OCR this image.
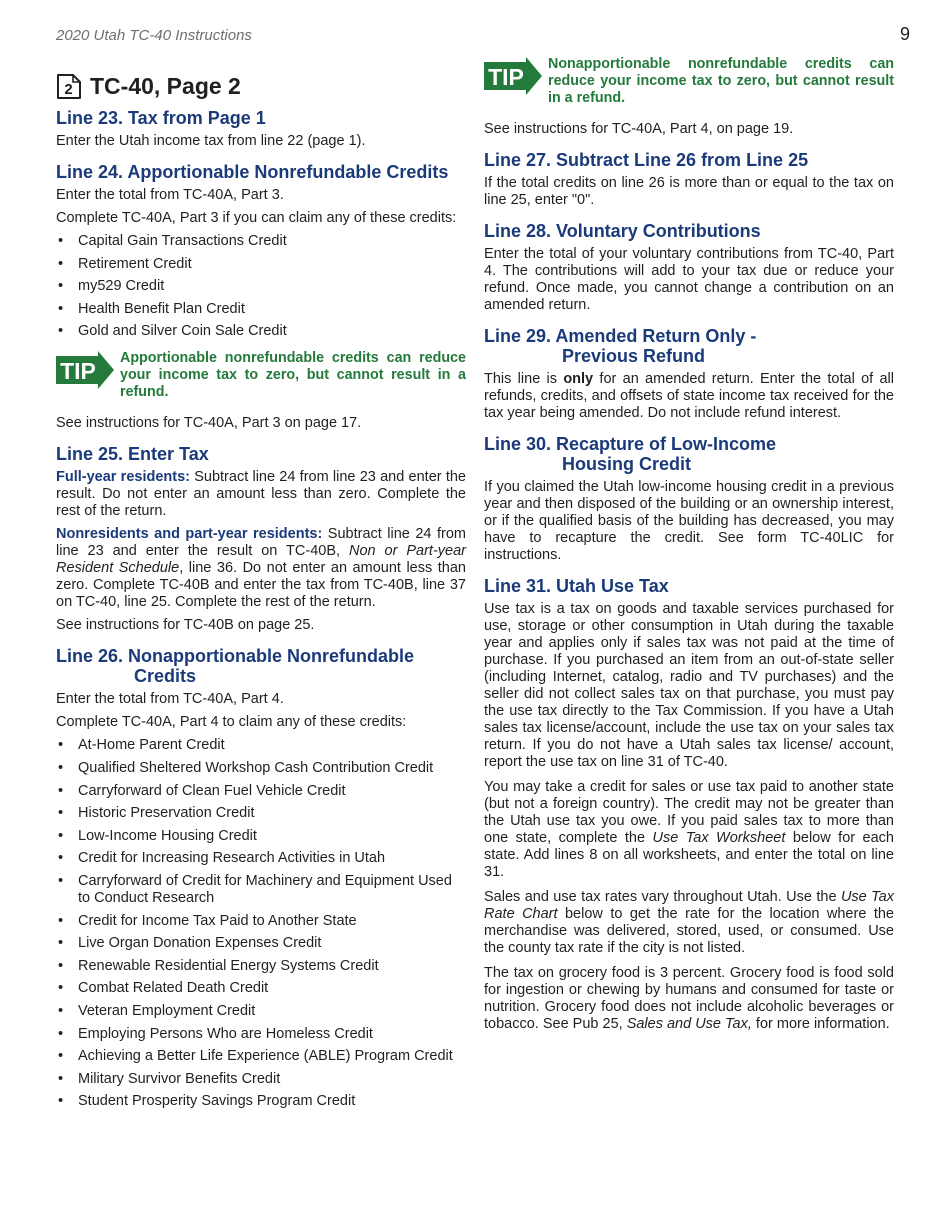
2020 Utah TC-40 Instructions	9
2 TC-40, Page 2
Line 23. Tax from Page 1

Enter the Utah income tax from line 22 (page 1).

Line 24. Apportionable Nonrefundable Credits

Enter the total from TC-40A, Part 3.

Complete TC-40A, Part 3 if you can claim any of these credits:

• Capital Gain Transactions Credit
• Retirement Credit
• my529 Credit
• Health Benefit Plan Credit
• Gold and Silver Coin Sale Credit
TIP Apportionable nonrefundable credits can reduce your income tax to zero, but cannot result in a refund.

See instructions for TC-40A, Part 3 on page 17.

Line 25. Enter Tax

Full-year residents: Subtract line 24 from line 23 and enter the result. Do not enter an amount less than zero. Complete the rest of the return.

Nonresidents and part-year residents: Subtract line 24 from line 23 and enter the result on TC-40B, Non or Part-year Resident Schedule, line 36. Do not enter an amount less than zero. Complete TC-40B and enter the tax from TC-40B, line 37 on TC-40, line 25. Complete the rest of the return.

See instructions for TC-40B on page 25.

Line 26. Nonapportionable Nonrefundable
Credits

Enter the total from TC-40A, Part 4.

Complete TC-40A, Part 4 to claim any of these credits:

• At-Home Parent Credit
• Qualified Sheltered Workshop Cash Contribution Credit
• Carryforward of Clean Fuel Vehicle Credit
• Historic Preservation Credit
• Low-Income Housing Credit
• Credit for Increasing Research Activities in Utah
• Carryforward of Credit for Machinery and Equipment Used to Conduct Research
• Credit for Income Tax Paid to Another State
• Live Organ Donation Expenses Credit
• Renewable Residential Energy Systems Credit
• Combat Related Death Credit
• Veteran Employment Credit
• Employing Persons Who are Homeless Credit
• Achieving a Better Life Experience (ABLE) Program Credit
• Military Survivor Benefits Credit
• Student Prosperity Savings Program Credit
TIP Nonapportionable nonrefundable credits can reduce your income tax to zero, but cannot result in a refund.

See instructions for TC-40A, Part 4, on page 19.

Line 27. Subtract Line 26 from Line 25

If the total credits on line 26 is more than or equal to the tax on line 25, enter "0".

Line 28. Voluntary Contributions

Enter the total of your voluntary contributions from TC-40, Part 4. The contributions will add to your tax due or reduce your refund. Once made, you cannot change a contribution on an amended return.

Line 29. Amended Return Only -
Previous Refund

This line is only for an amended return. Enter the total of all refunds, credits, and offsets of state income tax received for the tax year being amended. Do not include refund interest.

Line 30. Recapture of Low-Income
Housing Credit

If you claimed the Utah low-income housing credit in a previous year and then disposed of the building or an ownership interest, or if the qualified basis of the building has decreased, you may have to recapture the credit. See form TC-40LIC for instructions.

Line 31. Utah Use Tax

Use tax is a tax on goods and taxable services purchased for use, storage or other consumption in Utah during the taxable year and applies only if sales tax was not paid at the time of purchase. If you purchased an item from an out-of-state seller (including Internet, catalog, radio and TV purchases) and the seller did not collect sales tax on that purchase, you must pay the use tax directly to the Tax Commission. If you have a Utah sales tax license/account, include the use tax on your sales tax return. If you do not have a Utah sales tax license/ account, report the use tax on line 31 of TC-40.

You may take a credit for sales or use tax paid to another state (but not a foreign country). The credit may not be greater than the Utah use tax you owe. If you paid sales tax to more than one state, complete the Use Tax Worksheet below for each state. Add lines 8 on all worksheets, and enter the total on line 31.

Sales and use tax rates vary throughout Utah. Use the Use Tax Rate Chart below to get the rate for the location where the merchandise was delivered, stored, used, or consumed. Use the county tax rate if the city is not listed.

The tax on grocery food is 3 percent. Grocery food is food sold for ingestion or chewing by humans and consumed for taste or nutrition. Grocery food does not include alcoholic beverages or tobacco. See Pub 25, Sales and Use Tax, for more information.
